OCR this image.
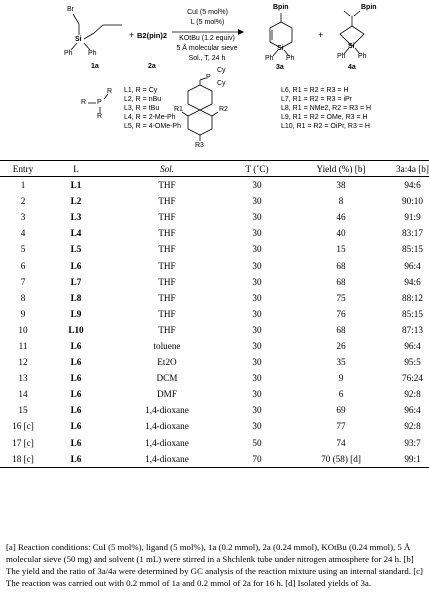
Br
Si
Ph Ph
1a
+ B2(pin)2
2a
CuI (5 mol%)
L (5 mol%)
KOtBu (1.2 equiv)
5 Å molecular sieve
Sol., T, 24 h
Bpin
Si
Ph Ph
3a
+
Bpin
Si
Ph Ph
4a
R P
R
R
L1, R = Cy
L2, R = nBu
L3, R = tBu
L4, R = 2-Me-Ph
L5, R = 4-OMe-Ph
P
Cy
Cy
R1	R2
R3
L6, R1 = R2 = R3 = H
L7, R1 = R2 = R3 = iPr
L8, R1 = NMe2, R2 = R3 = H
L9, R1 = R2 = OMe, R3 = H
L10, R1 = R2 = OiPr, R3 = H
Entry	L	Sol.	T (˚C)	Yield (%) [b]	3a:4a [b]
1	L1	THF	30	38	94:6
2	L2	THF	30	8	90:10
3	L3	THF	30	46	91:9
4	L4	THF	30	40	83:17
5	L5	THF	30	15	85:15
6	L6	THF	30	68	96:4
7	L7	THF	30	68	94:6
8	L8	THF	30	75	88:12
9	L9	THF	30	76	85:15
10	L10	THF	30	68	87:13
11	L6	toluene	30	26	96:4
12	L6	Et2O	30	35	95:5
13	L6	DCM	30	9	76:24
14	L6	DMF	30	6	92:8
15	L6	1,4-dioxane	30	69	96:4
16 [c]	L6	1,4-dioxane	30	77	92:8
17 [c]	L6	1,4-dioxane	50	74	93:7
18 [c]	L6	1,4-dioxane	70	70 (58) [d]	99:1
[a] Reaction conditions: CuI (5 mol%), ligand (5 mol%), 1a (0.2 mmol), 2a (0.24 mmol), KOtBu (0.24 mmol), 5 Å molecular sieve (50 mg) and solvent (1 mL) were stirred in a Shchlenk tube under nitrogen atmosphere for 24 h. [b] The yield and the ratio of 3a/4a were determined by GC analysis of the reaction mixture using an internal standard. [c] The reaction was carried out with 0.2 mmol of 1a and 0.2 mmol of 2a for 16 h. [d] Isolated yields of 3a.
